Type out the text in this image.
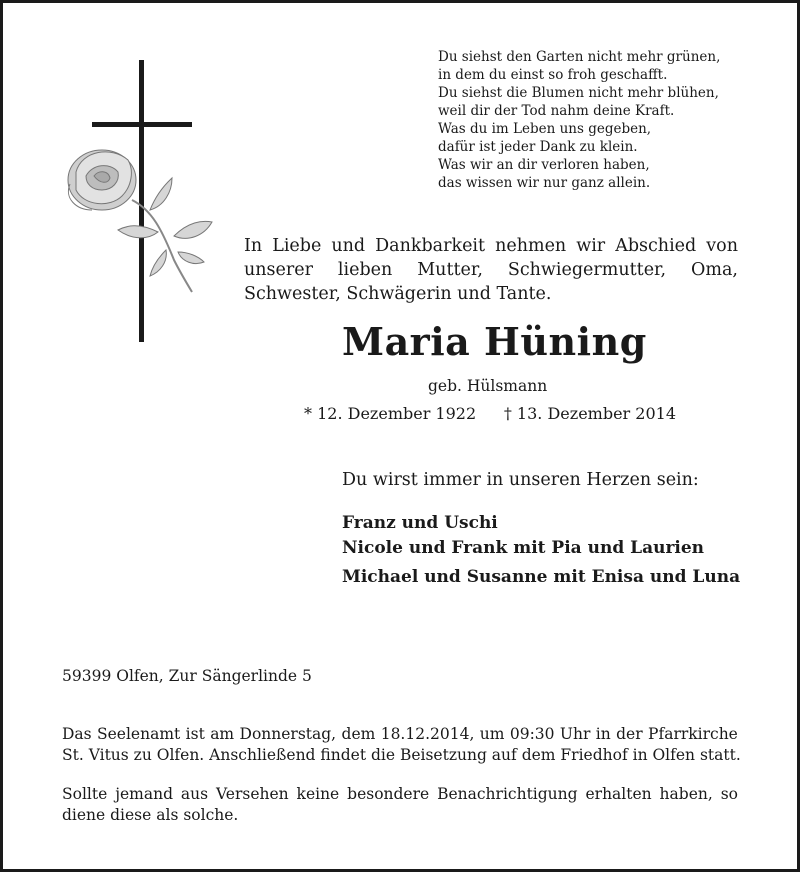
Du siehst den Garten nicht mehr grünen,
in dem du einst so froh geschafft.
Du siehst die Blumen nicht mehr blühen,
weil dir der Tod nahm deine Kraft.
Was du im Leben uns gegeben,
dafür ist jeder Dank zu klein.
Was wir an dir verloren haben,
das wissen wir nur ganz allein.
In Liebe und Dankbarkeit nehmen wir Abschied von
unserer lieben Mutter, Schwiegermutter, Oma,
Schwester, Schwägerin und Tante.
Maria Hüning
geb. Hülsmann
* 12. Dezember 1922 † 13. Dezember 2014
Du wirst immer in unseren Herzen sein:
Franz und Uschi
Nicole und Frank mit Pia und Laurien
Michael und Susanne mit Enisa und Luna
59399 Olfen, Zur Sängerlinde 5
Das Seelenamt ist am Donnerstag, dem 18.12.2014, um 09:30 Uhr in der Pfarrkirche
St. Vitus zu Olfen. Anschließend findet die Beisetzung auf dem Friedhof in Olfen statt.
Sollte jemand aus Versehen keine besondere Benachrichtigung erhalten haben, so
diene diese als solche.
